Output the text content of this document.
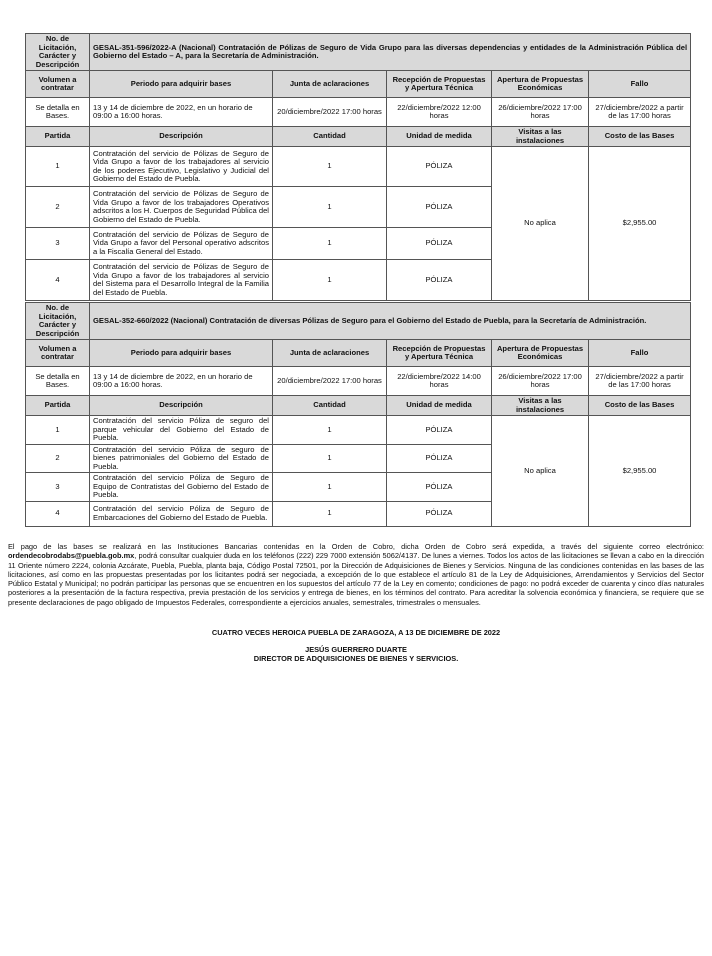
No. de Licitación, Carácter y Descripción	GESAL-351-596/2022-A (Nacional) Contratación de Pólizas de Seguro de Vida Grupo para las diversas dependencias y entidades de la Administración Pública del Gobierno del Estado – A, para la Secretaría de Administración.				
Volumen a contratar	Periodo para adquirir bases	Junta de aclaraciones	Recepción de Propuestas y Apertura Técnica	Apertura de Propuestas Económicas	Fallo
Se detalla en Bases.	13 y 14 de diciembre de 2022, en un horario de 09:00 a 16:00 horas.	20/diciembre/2022 17:00 horas	22/diciembre/2022 12:00 horas	26/diciembre/2022 17:00 horas	27/diciembre/2022 a partir de las 17:00 horas
Partida	Descripción	Cantidad	Unidad de medida	Visitas a las instalaciones	Costo de las Bases
1	Contratación del servicio de Pólizas de Seguro de Vida Grupo a favor de los trabajadores al servicio de los poderes Ejecutivo, Legislativo y Judicial del Gobierno del Estado de Puebla.	1	PÓLIZA	No aplica	$2,955.00
2	Contratación del servicio de Pólizas de Seguro de Vida Grupo a favor de los trabajadores Operativos adscritos a los H. Cuerpos de Seguridad Pública del Gobierno del Estado de Puebla.	1	PÓLIZA		
3	Contratación del servicio de Pólizas de Seguro de Vida Grupo a favor del Personal operativo adscritos a la Fiscalía General del Estado.	1	PÓLIZA		
4	Contratación del servicio de Pólizas de Seguro de Vida Grupo a favor de los trabajadores al servicio del Sistema para el Desarrollo Integral de la Familia del Estado de Puebla.	1	PÓLIZA		
No. de Licitación, Carácter y Descripción	GESAL-352-660/2022 (Nacional) Contratación de diversas Pólizas de Seguro para el Gobierno del Estado de Puebla, para la Secretaría de Administración.				
Volumen a contratar	Periodo para adquirir bases	Junta de aclaraciones	Recepción de Propuestas y Apertura Técnica	Apertura de Propuestas Económicas	Fallo
Se detalla en Bases.	13 y 14 de diciembre de 2022, en un horario de 09:00 a 16:00 horas.	20/diciembre/2022 17:00 horas	22/diciembre/2022 14:00 horas	26/diciembre/2022 17:00 horas	27/diciembre/2022 a partir de las 17:00 horas
Partida	Descripción	Cantidad	Unidad de medida	Visitas a las instalaciones	Costo de las Bases
1	Contratación del servicio Póliza de seguro del parque vehicular del Gobierno del Estado de Puebla.	1	PÓLIZA	No aplica	$2,955.00
2	Contratación del servicio Póliza de seguro de bienes patrimoniales del Gobierno del Estado de Puebla.	1	PÓLIZA		
3	Contratación del servicio Póliza de Seguro de Equipo de Contratistas del Gobierno del Estado de Puebla.	1	PÓLIZA		
4	Contratación del servicio Póliza de Seguro de Embarcaciones del Gobierno del Estado de Puebla.	1	PÓLIZA		
El pago de las bases se realizará en las Instituciones Bancarias contenidas en la Orden de Cobro, dicha Orden de Cobro será expedida, a través del siguiente correo electrónico: ordendecobrodabs@puebla.gob.mx, podrá consultar cualquier duda en los teléfonos (222) 229 7000 extensión 5062/4137. De lunes a viernes. Todos los actos de las licitaciones se llevan a cabo en la dirección 11 Oriente número 2224, colonia Azcárate, Puebla, Puebla, planta baja, Código Postal 72501, por la Dirección de Adquisiciones de Bienes y Servicios. Ninguna de las condiciones contenidas en las bases de las licitaciones, así como en las propuestas presentadas por los licitantes podrá ser negociada, a excepción de lo que establece el artículo 81 de la Ley de Adquisiciones, Arrendamientos y Servicios del Sector Público Estatal y Municipal; no podrán participar las personas que se encuentren en los supuestos del artículo 77 de la Ley en comento; condiciones de pago: no podrá exceder de cuarenta y cinco días naturales posteriores a la presentación de la factura respectiva, previa prestación de los servicios y entrega de bienes, en los términos del contrato. Para acreditar la solvencia económica y financiera, se requiere que se presente declaraciones de pago obligado de Impuestos Federales, correspondiente a ejercicios anuales, semestrales, trimestrales o mensuales.
CUATRO VECES HEROICA PUEBLA DE ZARAGOZA, A 13 DE DICIEMBRE DE 2022
JESÚS GUERRERO DUARTE
DIRECTOR DE ADQUISICIONES DE BIENES Y SERVICIOS.
